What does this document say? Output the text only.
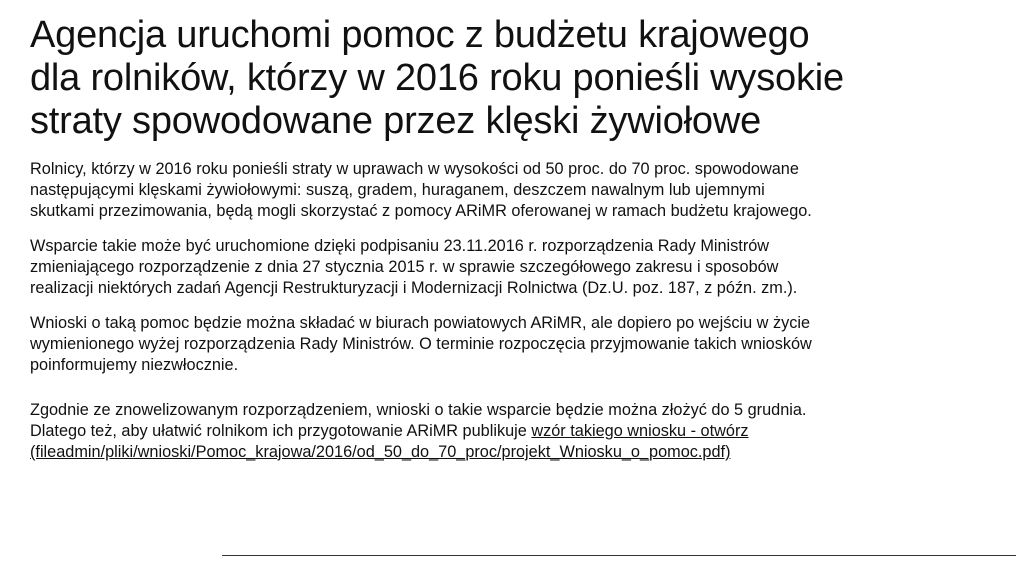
Agencja uruchomi pomoc z budżetu krajowego
dla rolników, którzy w 2016 roku ponieśli wysokie
straty spowodowane przez klęski żywiołowe

Rolnicy, którzy w 2016 roku ponieśli straty w uprawach w wysokości od 50 proc. do 70 proc. spowodowane
następującymi klęskami żywiołowymi: suszą, gradem, huraganem, deszczem nawalnym lub ujemnymi
skutkami przezimowania, będą mogli skorzystać z pomocy ARiMR oferowanej w ramach budżetu krajowego.

Wsparcie takie może być uruchomione dzięki podpisaniu 23.11.2016 r. rozporządzenia Rady Ministrów
zmieniającego rozporządzenie z dnia 27 stycznia 2015 r. w sprawie szczegółowego zakresu i sposobów
realizacji niektórych zadań Agencji Restrukturyzacji i Modernizacji Rolnictwa (Dz.U. poz. 187, z późn. zm.).

Wnioski o taką pomoc będzie można składać w biurach powiatowych ARiMR, ale dopiero po wejściu w życie
wymienionego wyżej rozporządzenia Rady Ministrów. O terminie rozpoczęcia przyjmowanie takich wniosków
poinformujemy niezwłocznie.

Zgodnie ze znowelizowanym rozporządzeniem, wnioski o takie wsparcie będzie można złożyć do 5 grudnia.
Dlatego też, aby ułatwić rolnikom ich przygotowanie ARiMR publikuje wzór takiego wniosku - otwórz
(fileadmin/pliki/wnioski/Pomoc_krajowa/2016/od_50_do_70_proc/projekt_Wniosku_o_pomoc.pdf)
